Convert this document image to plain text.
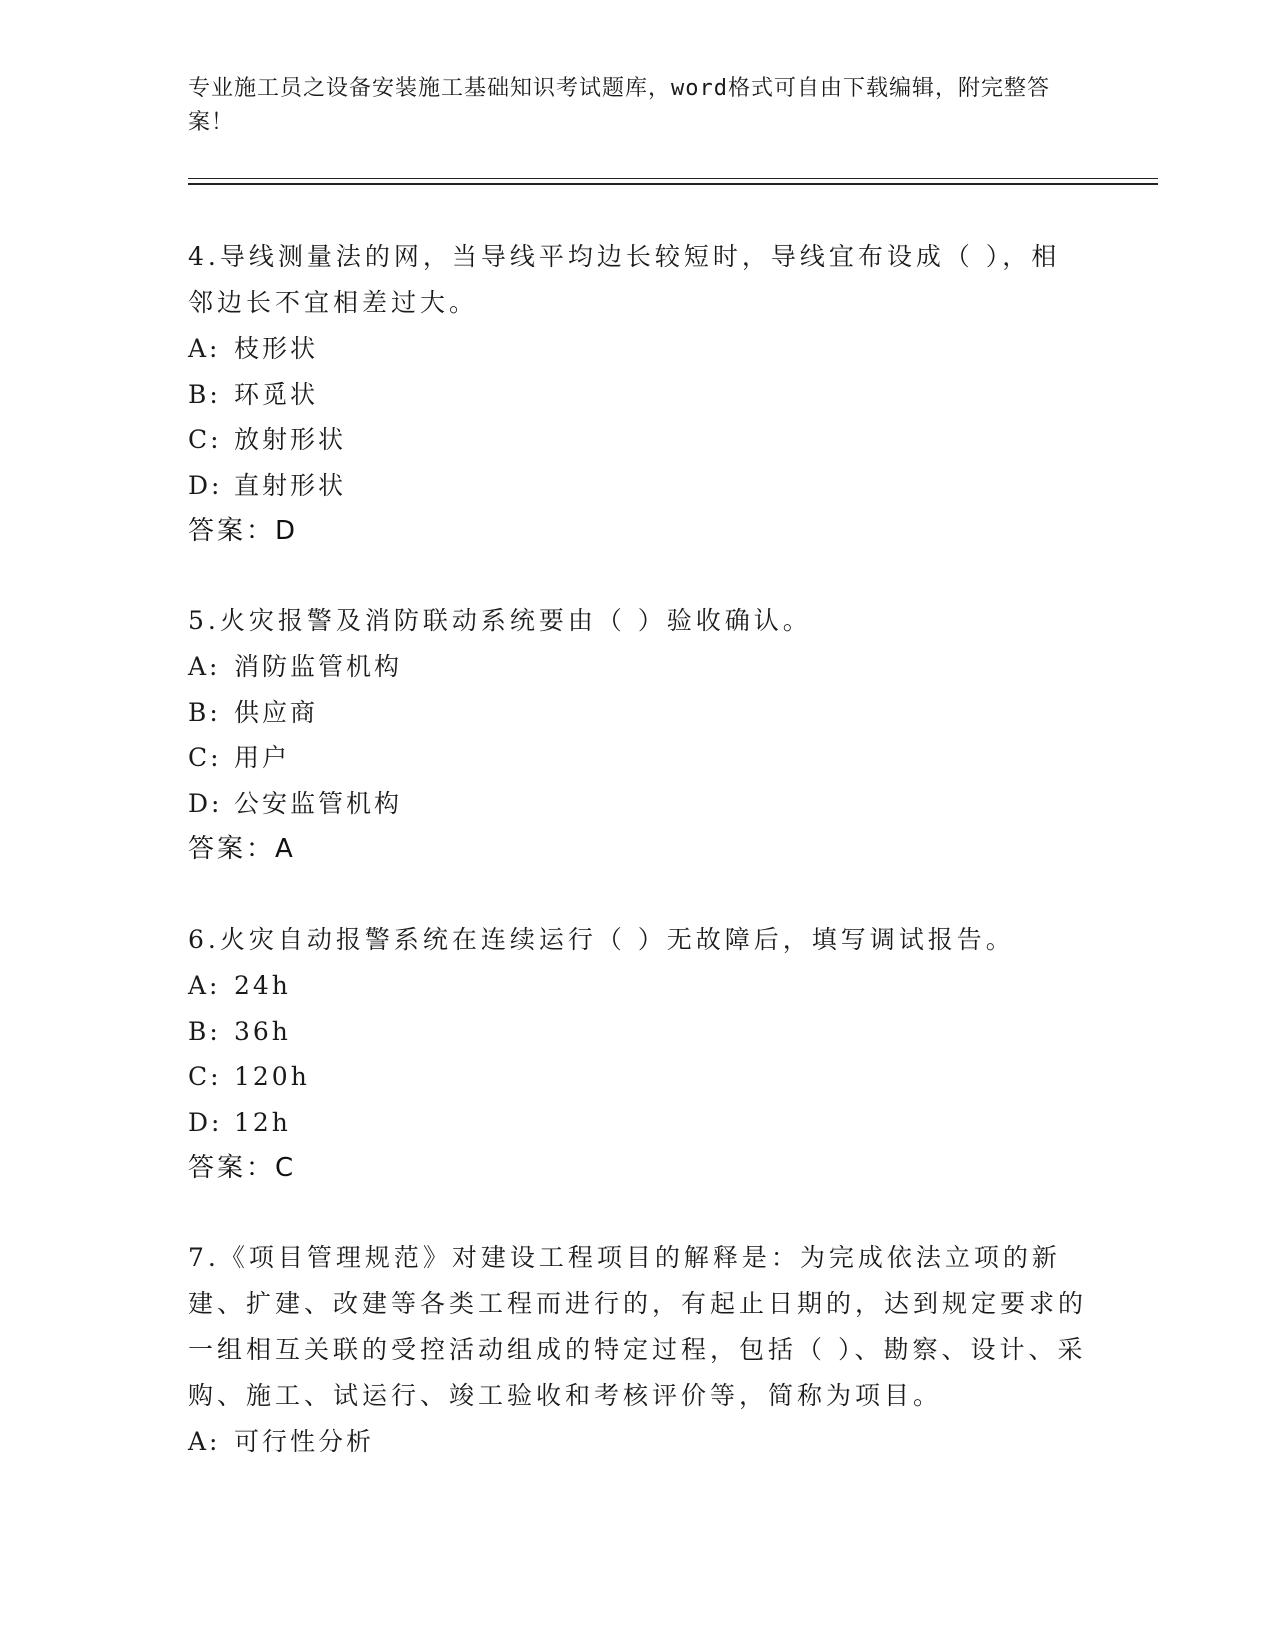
专业施工员之设备安装施工基础知识考试题库，word格式可自由下载编辑，附完整答案！

4.导线测量法的网，当导线平均边长较短时，导线宜布设成（ ），相邻边长不宜相差过大。

A: 枝形状

B: 环觅状

C: 放射形状

D: 直射形状

答案：D

5.火灾报警及消防联动系统要由（ ）验收确认。

A: 消防监管机构

B: 供应商

C: 用户

D: 公安监管机构

答案：A

6.火灾自动报警系统在连续运行（ ）无故障后，填写调试报告。

A: 24h

B: 36h

C: 120h

D: 12h

答案：C

7.《项目管理规范》对建设工程项目的解释是：为完成依法立项的新建、扩建、改建等各类工程而进行的，有起止日期的，达到规定要求的一组相互关联的受控活动组成的特定过程，包括（ ）、勘察、设计、采购、施工、试运行、竣工验收和考核评价等，简称为项目。

A: 可行性分析
